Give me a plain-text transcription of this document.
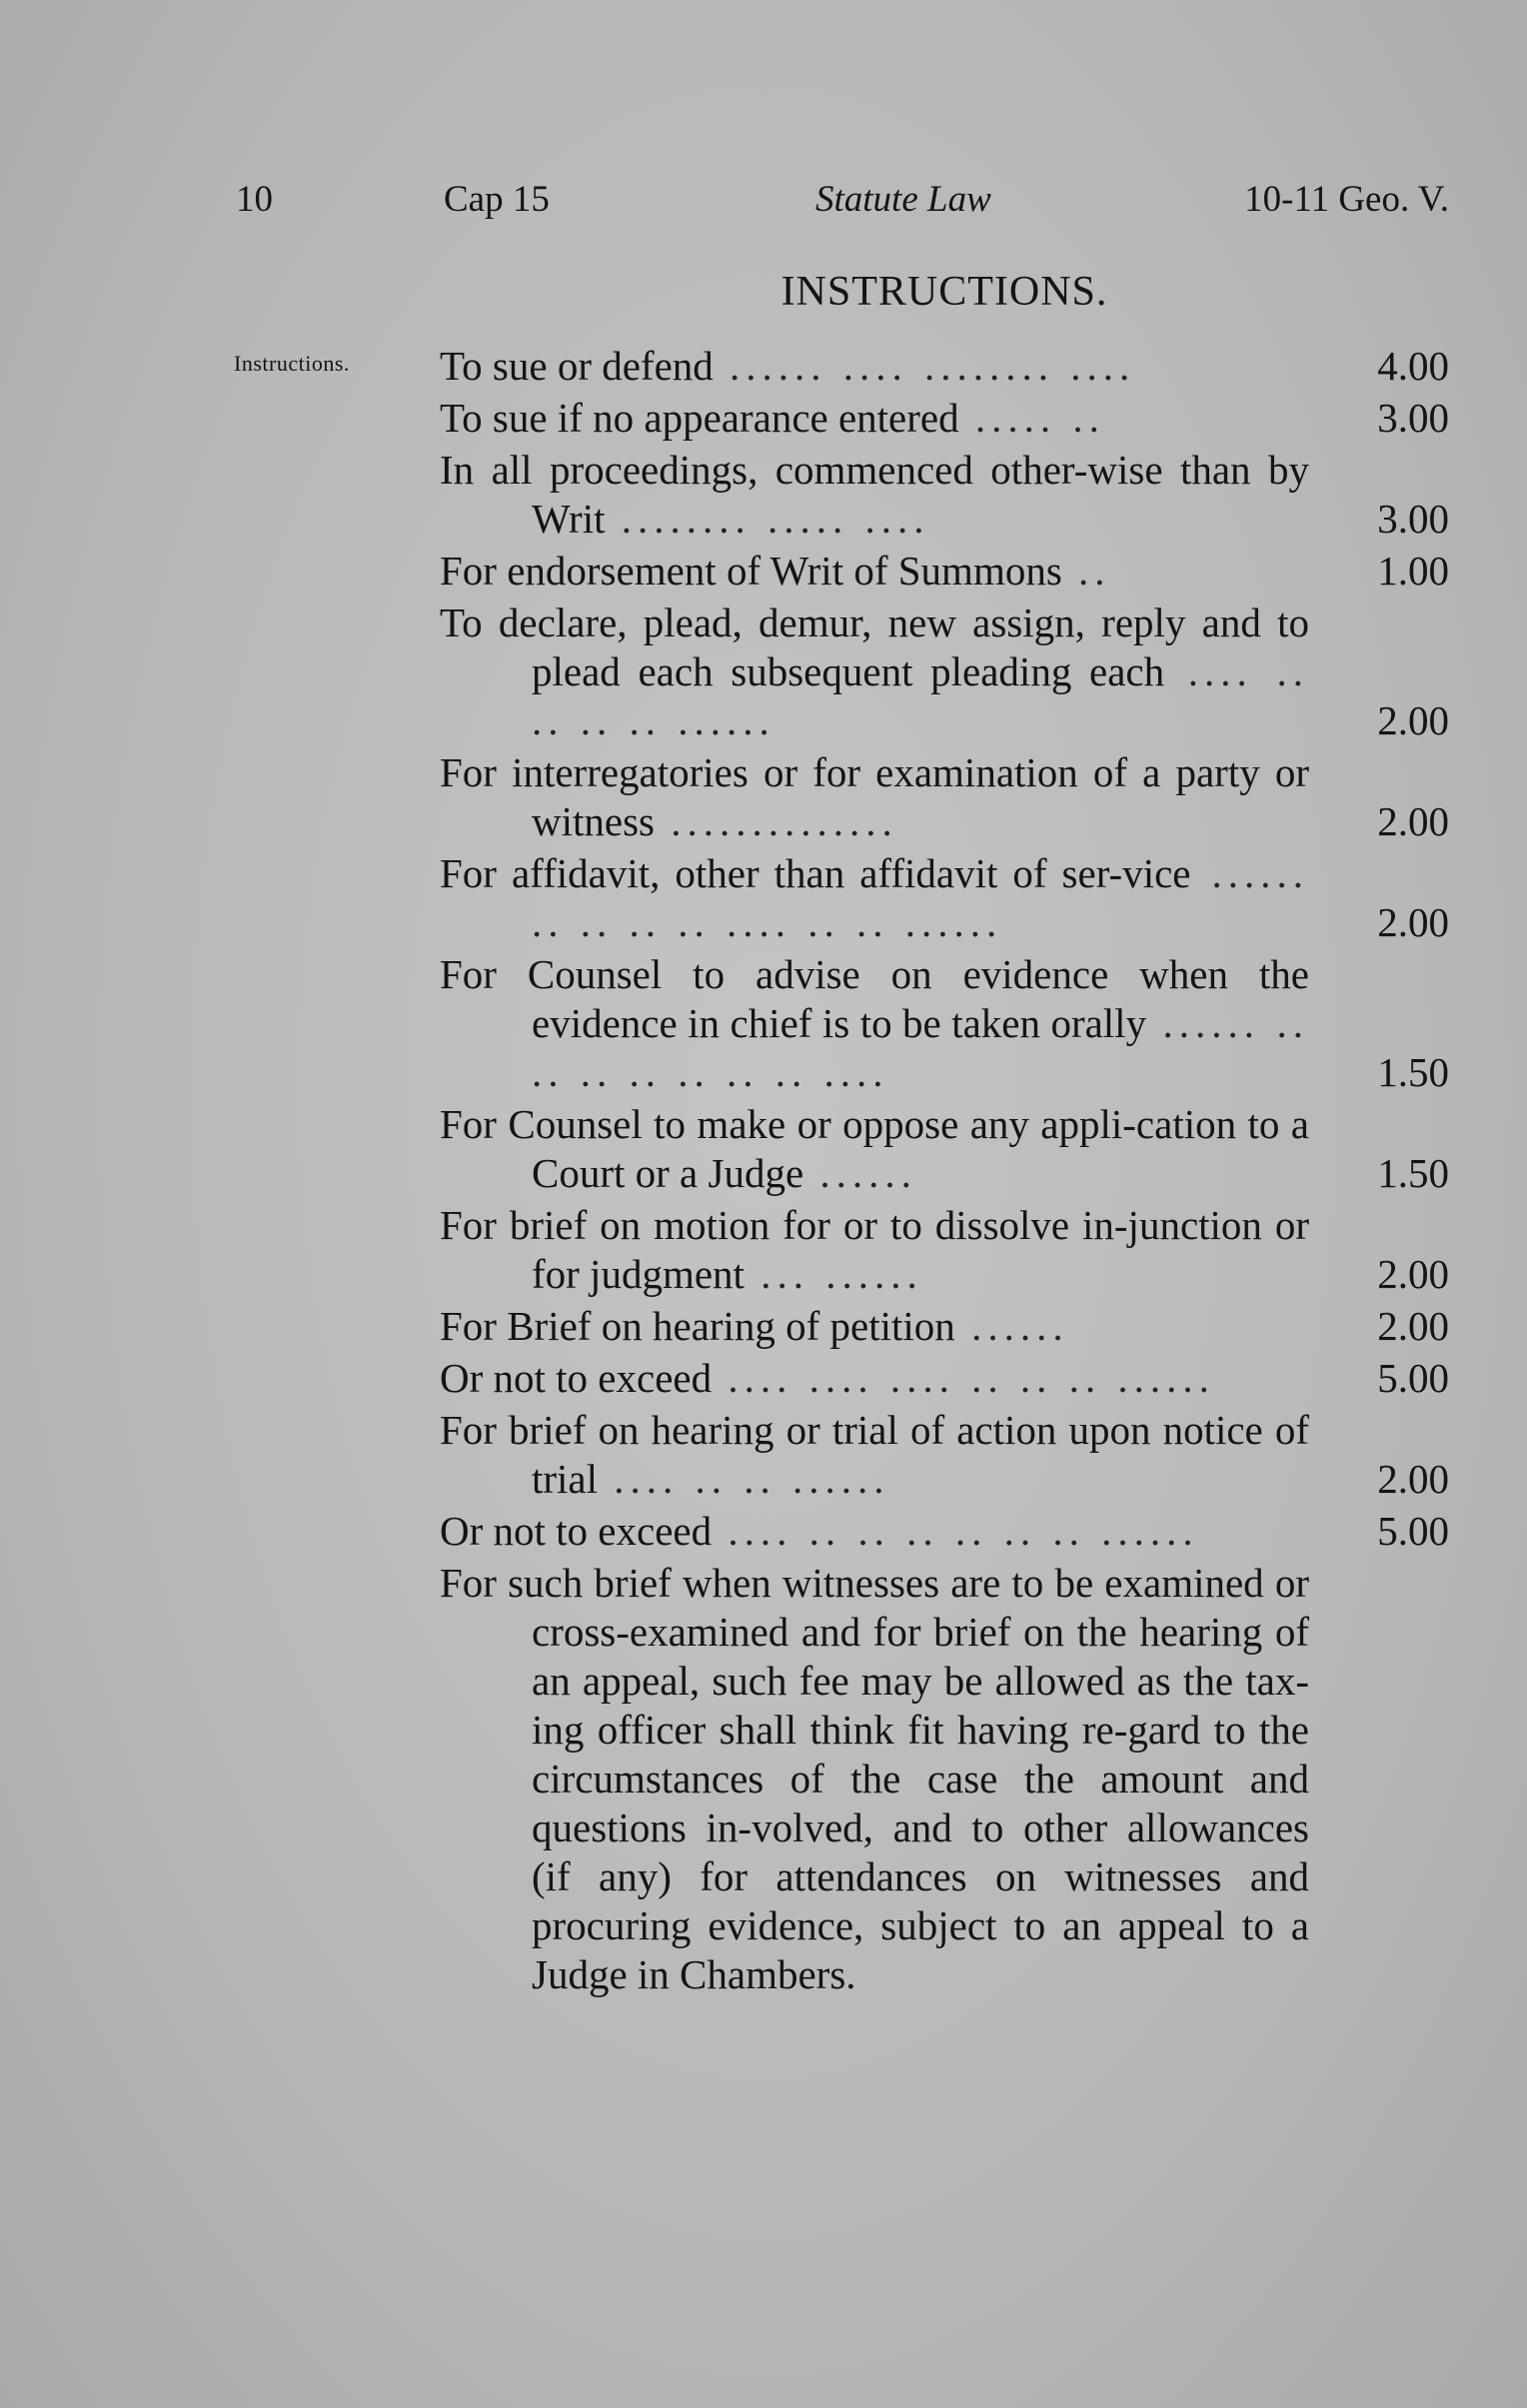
10	Cap 15	Statute Law	10-11 Geo. V.
INSTRUCTIONS.
Instructions. To sue or defend ...... .... ........ ....	4.00
To sue if no appearance entered ..... ..	3.00
In all proceedings, commenced other-wise than by Writ ........ ..... ....	3.00
For endorsement of Writ of Summons ..	1.00
To declare, plead, demur, new assign, reply and to plead each subsequent pleading each .... .. .. .. .. ......	2.00
For interregatories or for examination of a party or witness ..............	2.00
For affidavit, other than affidavit of ser-vice ...... .. .. .. .. .... .. .. ......	2.00
For Counsel to advise on evidence when the evidence in chief is to be taken orally ...... .. .. .. .. .. .. .. ....	1.50
For Counsel to make or oppose any appli-cation to a Court or a Judge ......	1.50
For brief on motion for or to dissolve in-junction or for judgment ... ......	2.00
For Brief on hearing of petition ......	2.00
Or not to exceed .... .... .... .. .. .. ......	5.00
For brief on hearing or trial of action upon notice of trial .... .. .. ......	2.00
Or not to exceed .... .. .. .. .. .. .. ......	5.00
For such brief when witnesses are to be examined or cross-examined and for brief on the hearing of an appeal, such fee may be allowed as the tax-ing officer shall think fit having re-gard to the circumstances of the case the amount and questions in-volved, and to other allowances (if any) for attendances on witnesses and procuring evidence, subject to an appeal to a Judge in Chambers.
